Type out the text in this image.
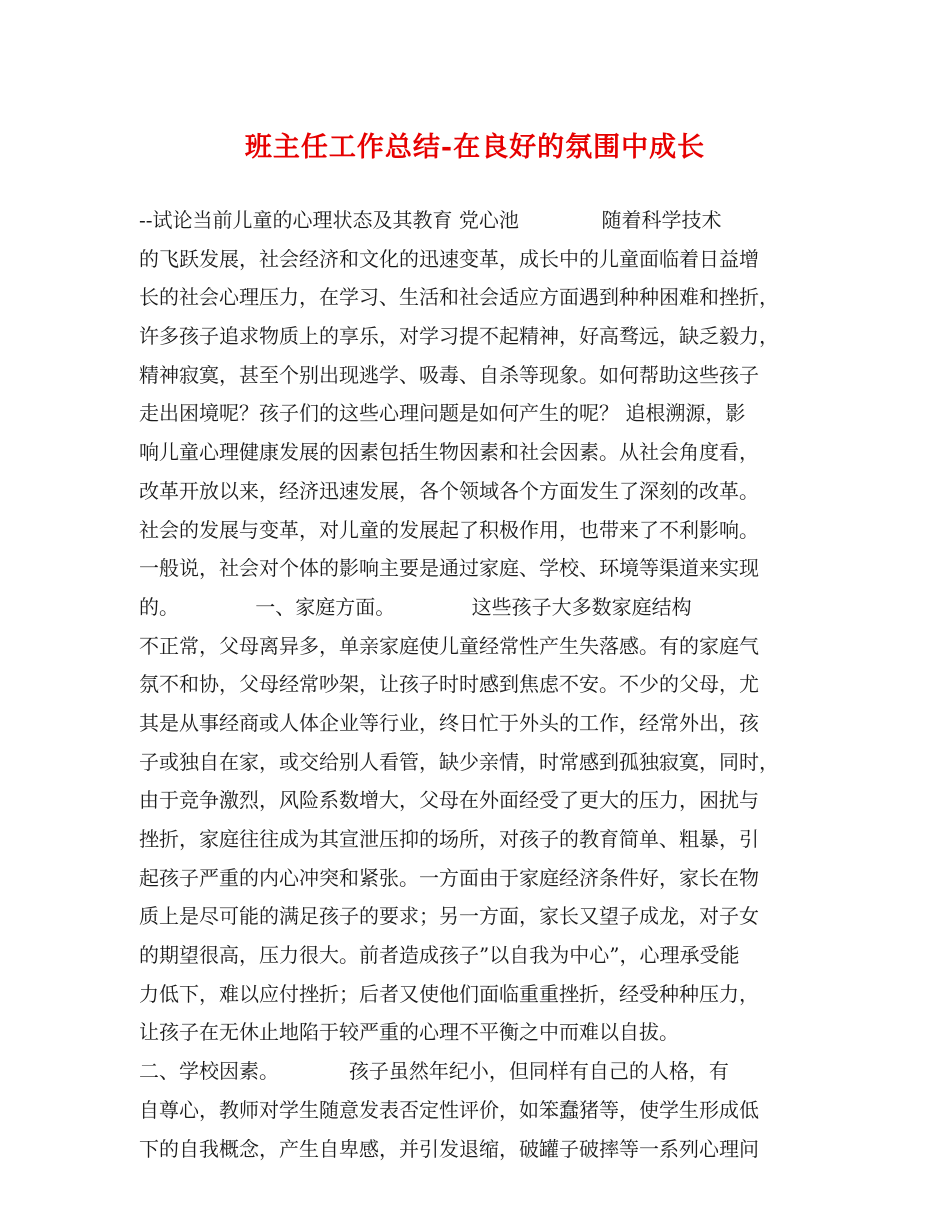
班主任工作总结-在良好的氛围中成长
--试论当前儿童的心理状态及其教育 党心池             随着科学技术
的飞跃发展，社会经济和文化的迅速变革，成长中的儿童面临着日益增
长的社会心理压力，在学习、生活和社会适应方面遇到种种困难和挫折，
许多孩子追求物质上的享乐，对学习提不起精神，好高骛远，缺乏毅力，
精神寂寞，甚至个别出现逃学、吸毒、自杀等现象。如何帮助这些孩子
走出困境呢？孩子们的这些心理问题是如何产生的呢？ 追根溯源，影
响儿童心理健康发展的因素包括生物因素和社会因素。从社会角度看，
改革开放以来，经济迅速发展，各个领域各个方面发生了深刻的改革。
社会的发展与变革，对儿童的发展起了积极作用，也带来了不利影响。
一般说，社会对个体的影响主要是通过家庭、学校、环境等渠道来实现
的。            一、家庭方面。            这些孩子大多数家庭结构
不正常，父母离异多，单亲家庭使儿童经常性产生失落感。有的家庭气
氛不和协，父母经常吵架，让孩子时时感到焦虑不安。不少的父母，尤
其是从事经商或人体企业等行业，终日忙于外头的工作，经常外出，孩
子或独自在家，或交给别人看管，缺少亲情，时常感到孤独寂寞，同时，
由于竞争激烈，风险系数增大，父母在外面经受了更大的压力，困扰与
挫折，家庭往往成为其宣泄压抑的场所，对孩子的教育简单、粗暴，引
起孩子严重的内心冲突和紧张。一方面由于家庭经济条件好，家长在物
质上是尽可能的满足孩子的要求；另一方面，家长又望子成龙，对子女
的期望很高，压力很大。前者造成孩子”以自我为中心”，心理承受能
力低下，难以应付挫折；后者又使他们面临重重挫折，经受种种压力，
让孩子在无休止地陷于较严重的心理不平衡之中而难以自拔。
二、学校因素。           孩子虽然年纪小，但同样有自己的人格，有
自尊心，教师对学生随意发表否定性评价，如笨蠢猪等，使学生形成低
下的自我概念，产生自卑感，并引发退缩，破罐子破摔等一系列心理问
